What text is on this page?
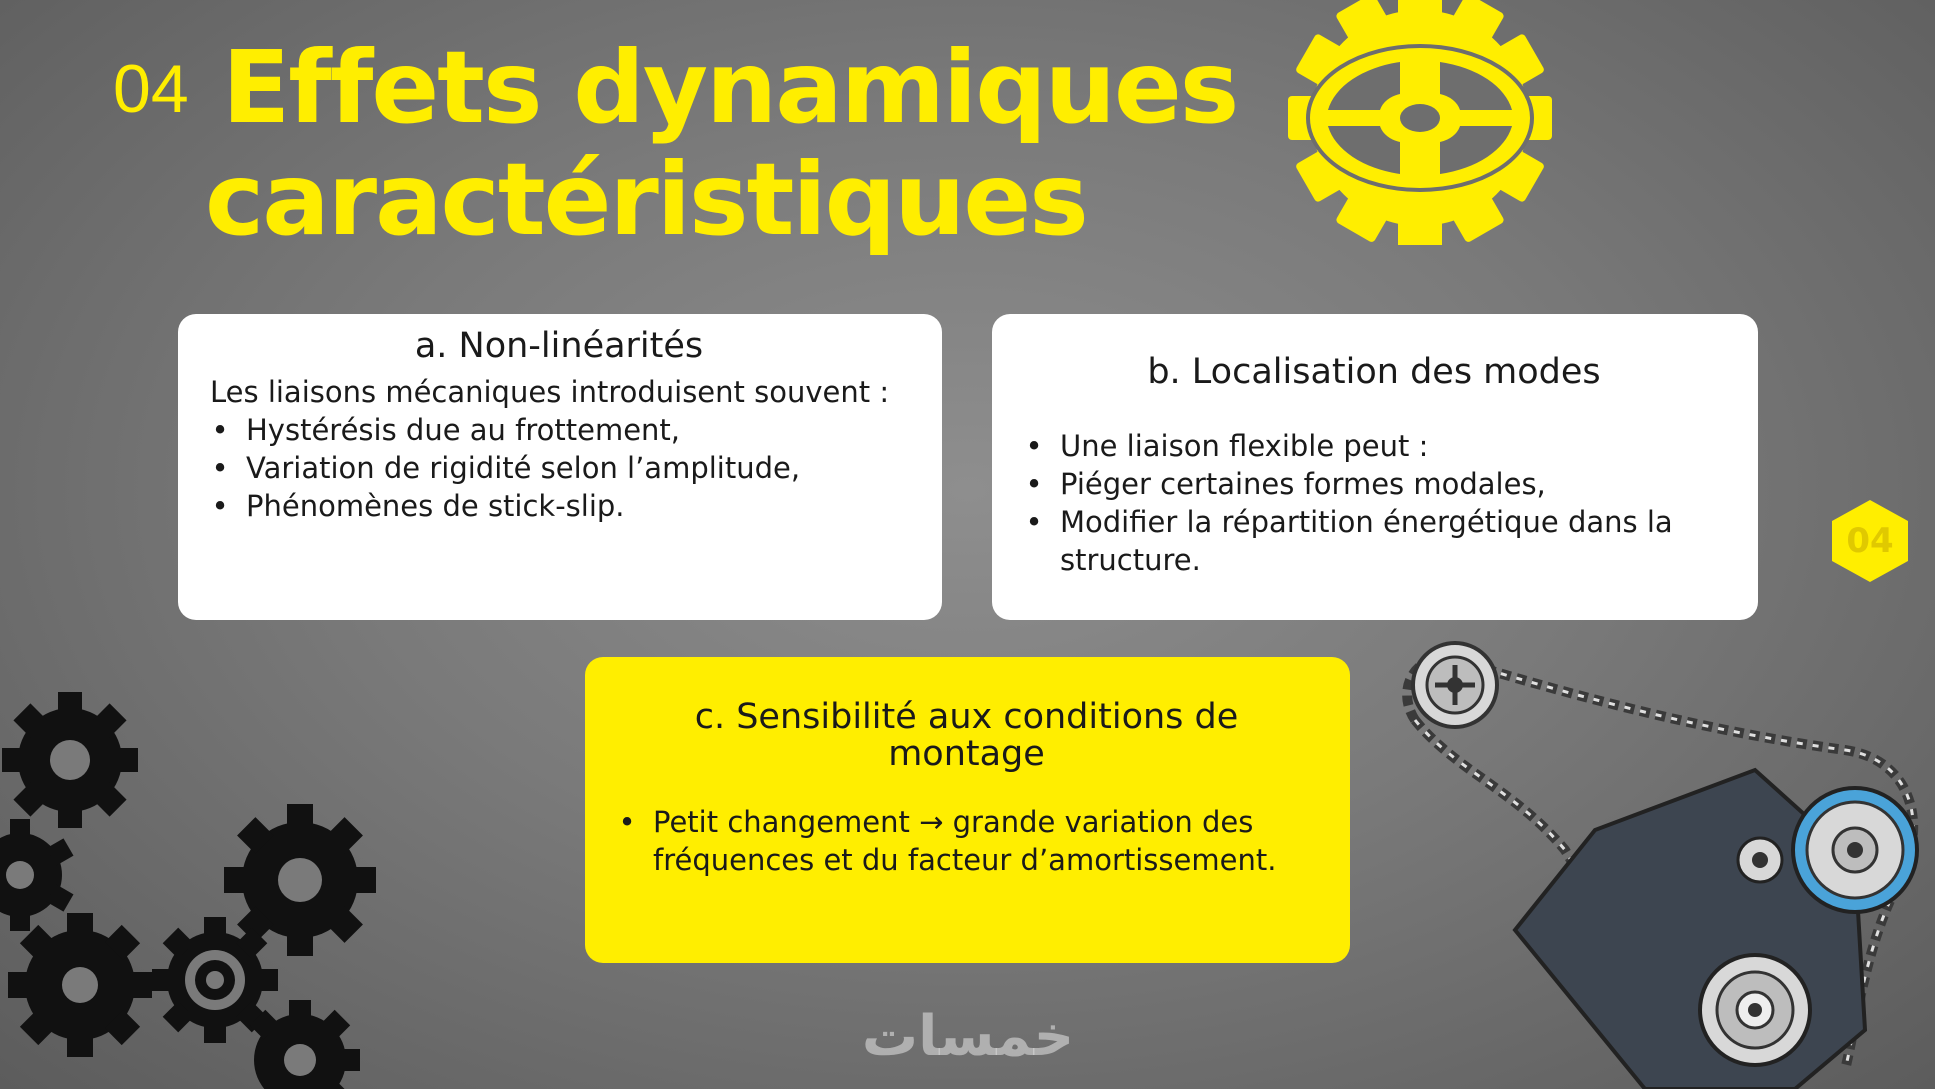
04 Effets dynamiques
caractéristiques
a. Non-linéarités

Les liaisons mécaniques introduisent souvent :

• Hystérésis due au frottement,
• Variation de rigidité selon l’amplitude,
• Phénomènes de stick-slip.
b. Localisation des modes
• Une liaison flexible peut :
• Piéger certaines formes modales,
• Modifier la répartition énergétique dans la structure.	04
c. Sensibilité aux conditions de montage
• Petit changement → grande variation des fréquences et du facteur d’amortissement.
خمسات
